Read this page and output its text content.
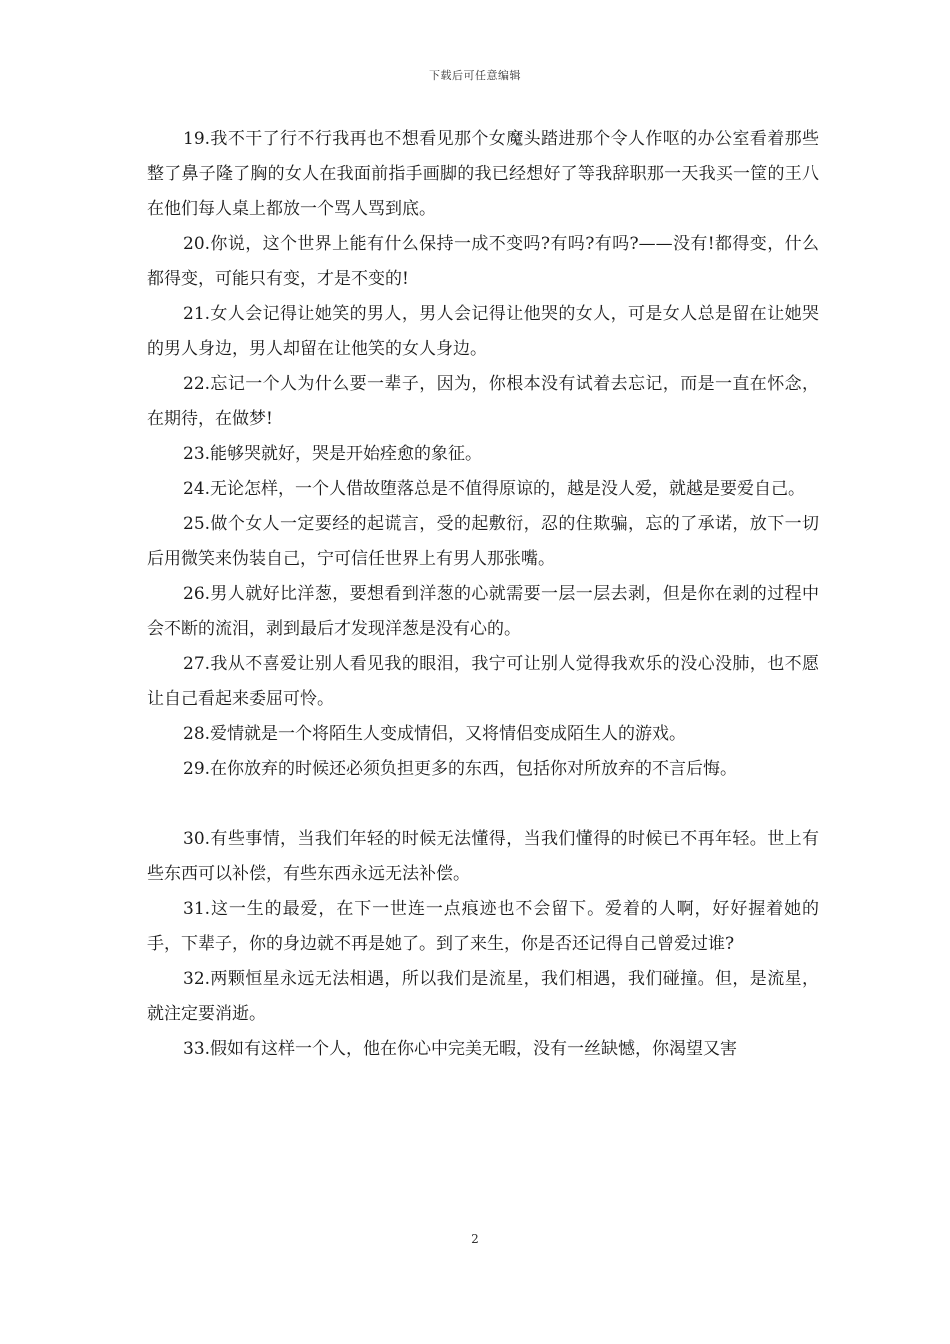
下载后可任意编辑

19.我不干了行不行我再也不想看见那个女魔头踏进那个令人作呕的办公室看着那些整了鼻子隆了胸的女人在我面前指手画脚的我已经想好了等我辞职那一天我买一筐的王八在他们每人桌上都放一个骂人骂到底。

20.你说，这个世界上能有什么保持一成不变吗?有吗?有吗?——没有!都得变，什么都得变，可能只有变，才是不变的!

21.女人会记得让她笑的男人，男人会记得让他哭的女人，可是女人总是留在让她哭的男人身边，男人却留在让他笑的女人身边。

22.忘记一个人为什么要一辈子，因为，你根本没有试着去忘记，而是一直在怀念，在期待，在做梦!

23.能够哭就好，哭是开始痊愈的象征。

24.无论怎样，一个人借故堕落总是不值得原谅的，越是没人爱，就越是要爱自己。

25.做个女人一定要经的起谎言，受的起敷衍，忍的住欺骗，忘的了承诺，放下一切后用微笑来伪装自己，宁可信任世界上有男人那张嘴。

26.男人就好比洋葱，要想看到洋葱的心就需要一层一层去剥，但是你在剥的过程中会不断的流泪，剥到最后才发现洋葱是没有心的。

27.我从不喜爱让别人看见我的眼泪，我宁可让别人觉得我欢乐的没心没肺，也不愿让自己看起来委屈可怜。

28.爱情就是一个将陌生人变成情侣，又将情侣变成陌生人的游戏。

29.在你放弃的时候还必须负担更多的东西，包括你对所放弃的不言后悔。

30.有些事情，当我们年轻的时候无法懂得，当我们懂得的时候已不再年轻。世上有些东西可以补偿，有些东西永远无法补偿。

31.这一生的最爱，在下一世连一点痕迹也不会留下。爱着的人啊，好好握着她的手，下辈子，你的身边就不再是她了。到了来生，你是否还记得自己曾爱过谁?

32.两颗恒星永远无法相遇，所以我们是流星，我们相遇，我们碰撞。但，是流星，就注定要消逝。

33.假如有这样一个人，他在你心中完美无暇，没有一丝缺憾，你渴望又害

2
